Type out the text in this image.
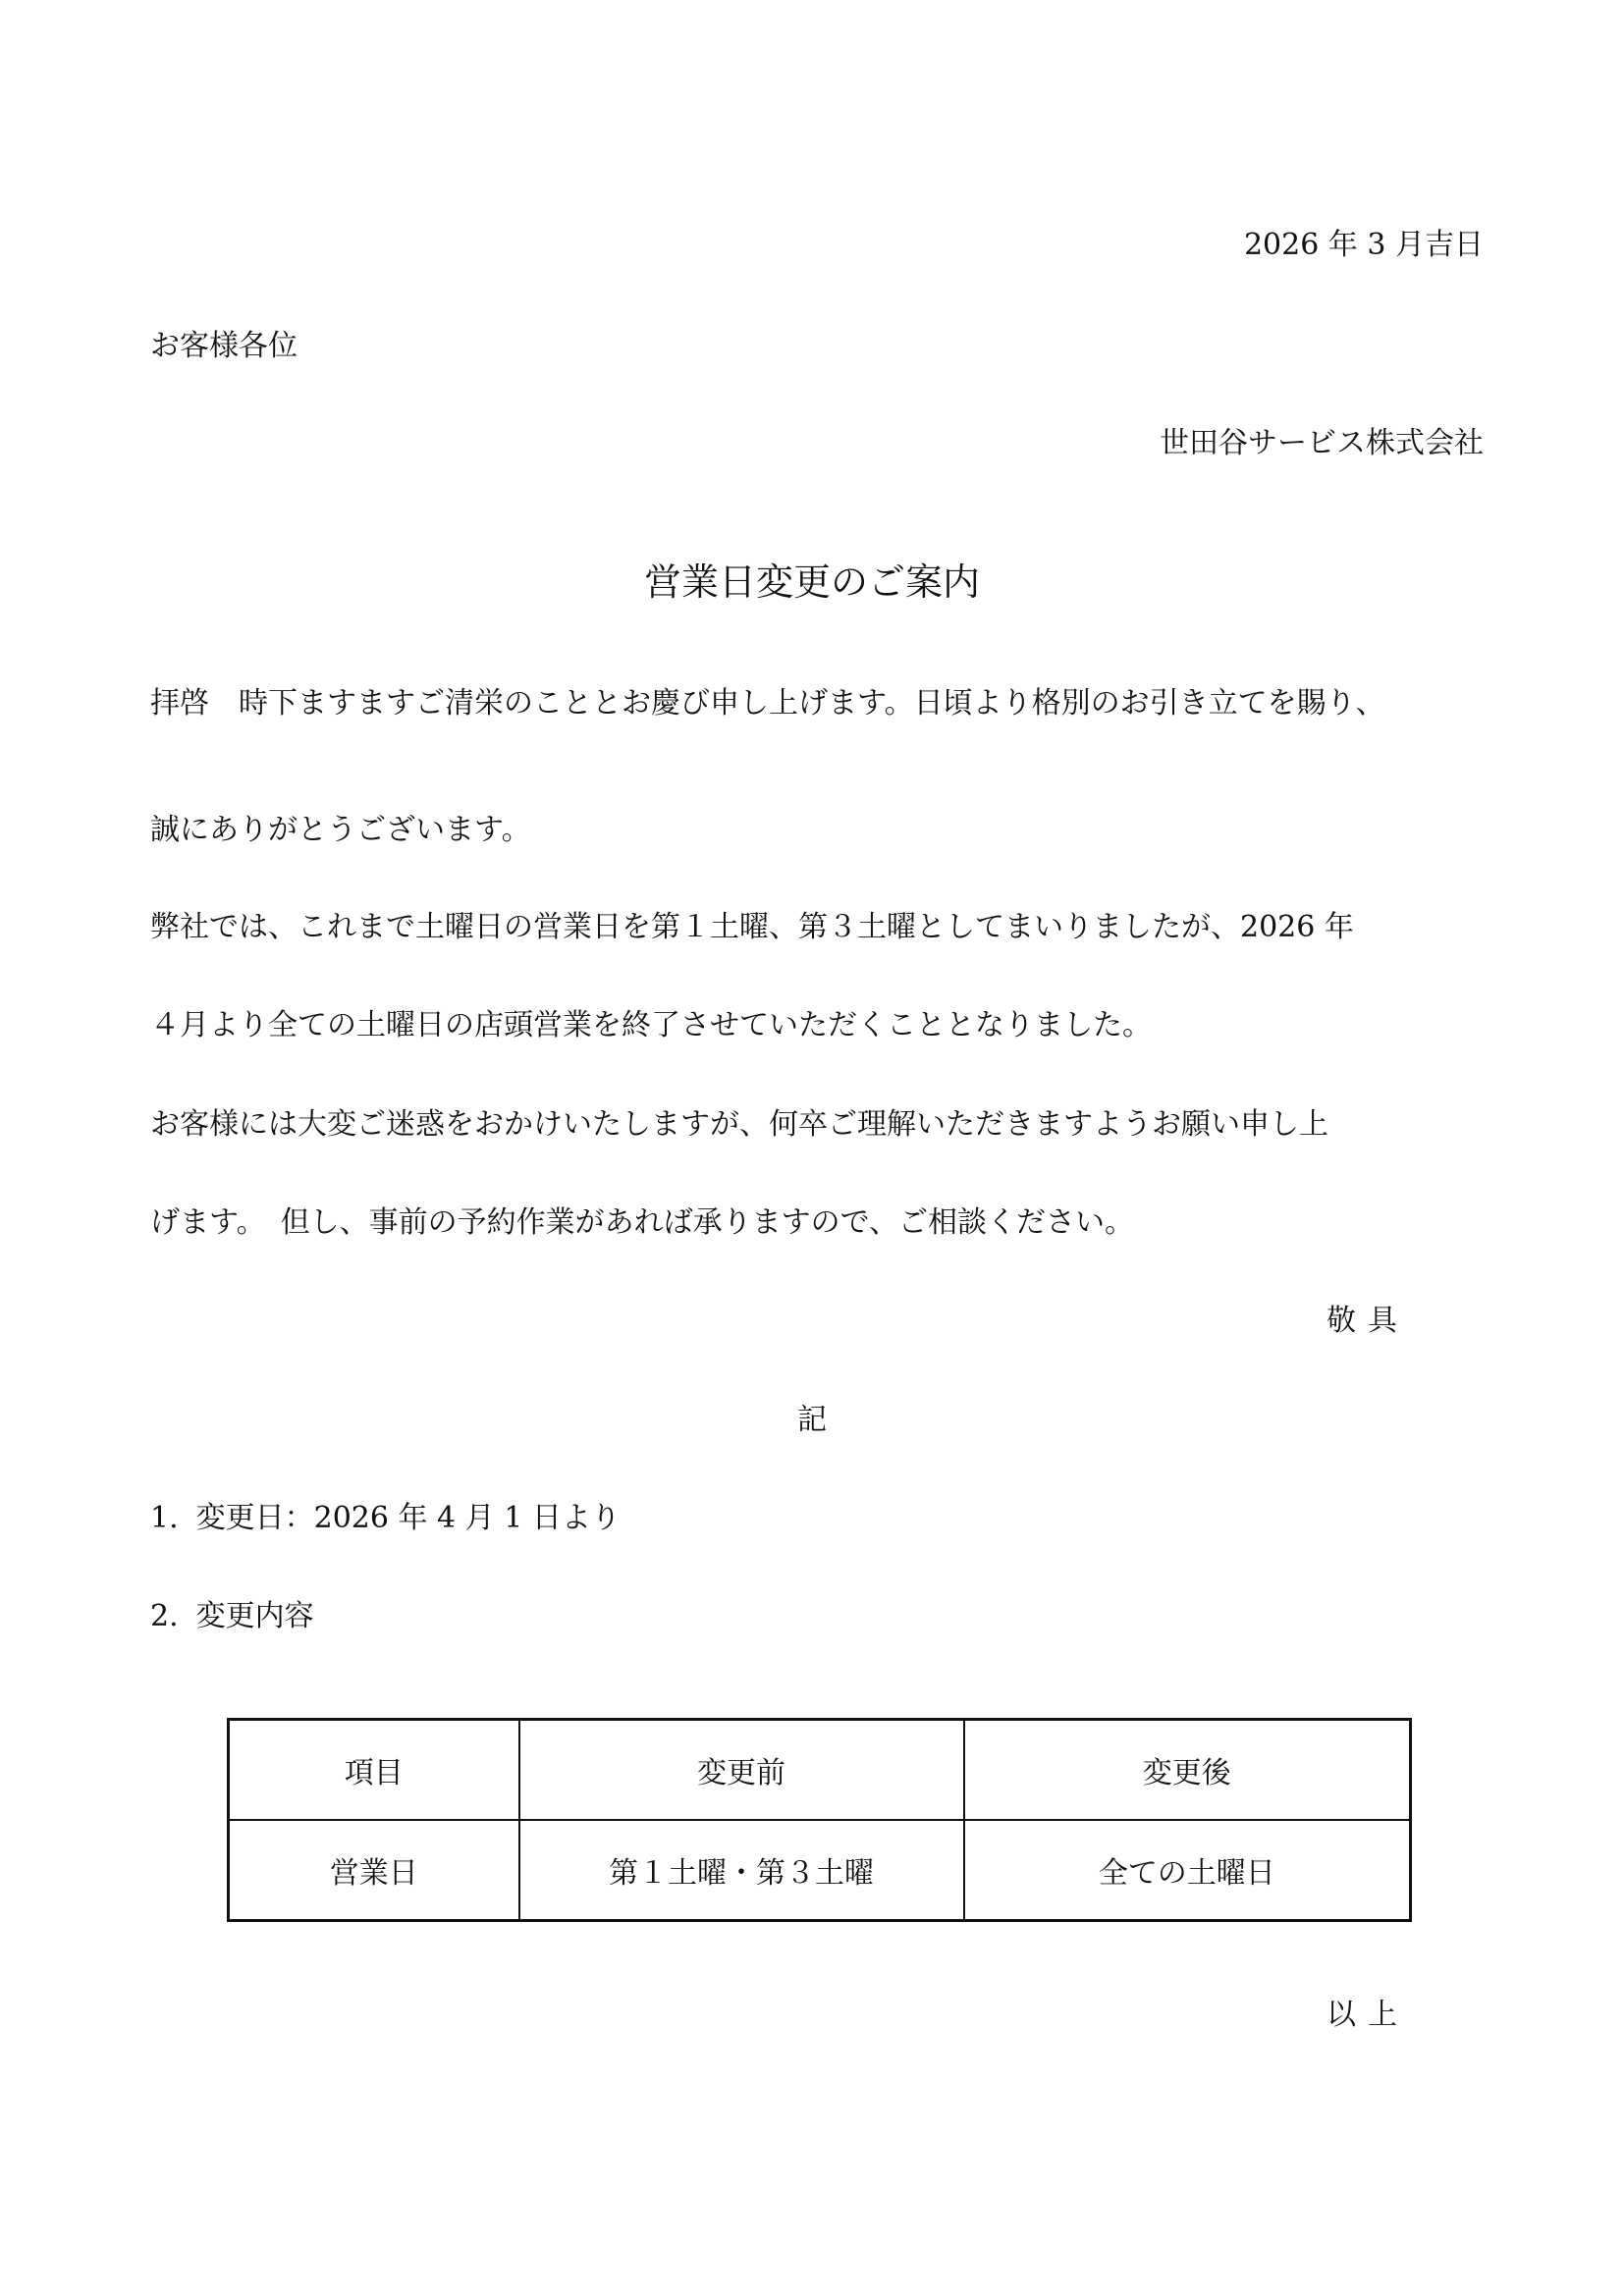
2026 年 3 月吉日
お客様各位
世田谷サービス株式会社
営業日変更のご案内
拝啓　時下ますますご清栄のこととお慶び申し上げます。日頃より格別のお引き立てを賜り、
誠にありがとうございます。
弊社では、これまで土曜日の営業日を第１土曜、第３土曜としてまいりましたが、2026 年
４月より全ての土曜日の店頭営業を終了させていただくこととなりました。
お客様には大変ご迷惑をおかけいたしますが、何卒ご理解いただきますようお願い申し上
げます。　但し、事前の予約作業があれば承りますので、ご相談ください。
敬具
記
1. 変更日：2026 年 4 月 1 日より
2. 変更内容
項目	変更前	変更後
営業日	第１土曜・第３土曜	全ての土曜日
以上
